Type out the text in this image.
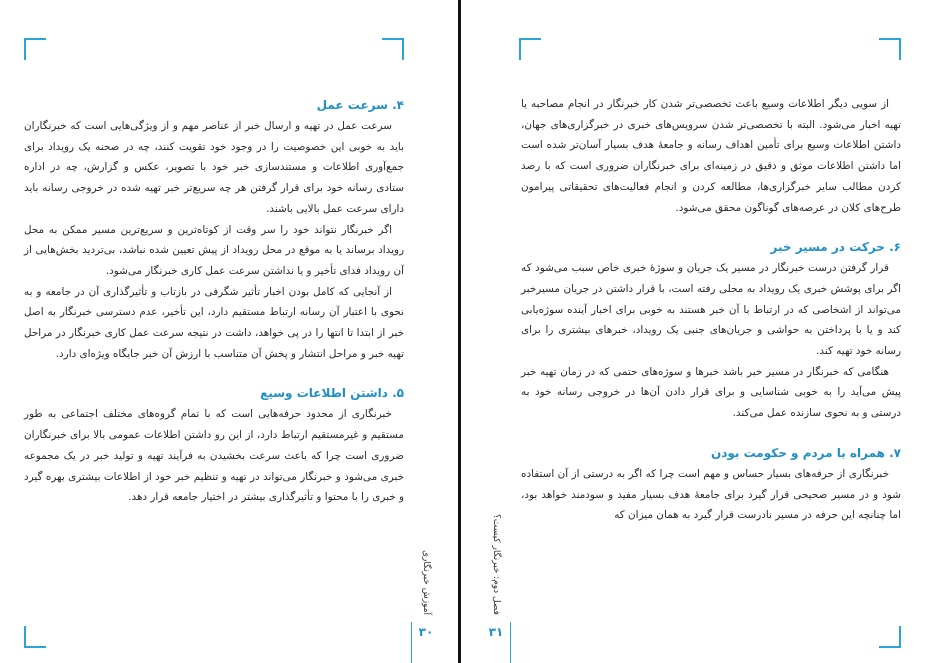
۴. سرعت عمل

سرعت عمل در تهیه و ارسال خبر از عناصر مهم و از ویژگی‌هایی است که خبرنگاران باید به خوبی این خصوصیت را در وجود خود تقویت کنند، چه در صحنه یک رویداد برای جمع‌آوری اطلاعات و مستندسازی خبر خود با تصویر، عکس و گزارش، چه در اداره ستادی رسانه خود برای قرار گرفتن هر چه سریع‌تر خبر تهیه شده در خروجی رسانه باید دارای سرعت عمل بالایی باشند.

اگر خبرنگار نتواند خود را سر وقت از کوتاه‌ترین و سریع‌ترین مسیر ممکن به محل رویداد برساند یا به موقع در محل رویداد از پیش تعیین شده نباشد، بی‌تردید بخش‌هایی از آن رویداد فدای تأخیر و یا نداشتن سرعت عمل کاری خبرنگار می‌شود.

از آنجایی که کامل بودن اخبار تأثیر شگرفی در بازتاب و تأثیرگذاری آن در جامعه و به نحوی با اعتبار آن رسانه ارتباط مستقیم دارد، این تأخیر، عدم دسترسی خبرنگار به اصل خبر از ابتدا تا انتها را در پی خواهد، داشت در نتیجه سرعت عمل کاری خبرنگار در مراحل تهیه خبر و مراحل انتشار و پخش آن متناسب با ارزش آن خبر جایگاه ویژه‌ای دارد.

۵. داشتن اطلاعات وسیع

خبرنگاری از محدود حرفه‌هایی است که با تمام گروه‌های مختلف اجتماعی به طور مستقیم و غیرمستقیم ارتباط دارد، از این رو داشتن اطلاعات عمومی بالا برای خبرنگاران ضروری است چرا که باعث سرعت بخشیدن به فرآیند تهیه و تولید خبر در یک مجموعه خبری می‌شود و خبرنگار می‌تواند در تهیه و تنظیم خبر خود از اطلاعات بیشتری بهره گیرد و خبری را با محتوا و تأثیرگذاری بیشتر در اختیار جامعه قرار دهد.

آموزش خبرنگاری
۳۰
فصل دوم: خبرنگار کیست؟
۳۱

از سویی دیگر اطلاعات وسیع باعث تخصصی‌تر شدن کار خبرنگار در انجام مصاحبه یا تهیه اخبار می‌شود. البته با تخصصی‌تر شدن سرویس‌های خبری در خبرگزاری‌های جهان، داشتن اطلاعات وسیع برای تأمین اهداف رسانه و جامعهٔ هدف بسیار آسان‌تر شده است اما داشتن اطلاعات موثق و دقیق در زمینه‌ای برای خبرنگاران ضروری است که با رصد کردن مطالب سایر خبرگزاری‌ها، مطالعه کردن و انجام فعالیت‌های تحقیقاتی پیرامون طرح‌های کلان در عرصه‌های گوناگون محقق می‌شود.

۶. حرکت در مسیر خبر

قرار گرفتن درست خبرنگار در مسیر یک جریان و سوژهٔ خبری خاص سبب می‌شود که اگر برای پوشش خبری یک رویداد به محلی رفته است، با قرار داشتن در جریان مسیرخبر می‌تواند از اشخاصی که در ارتباط با آن خبر هستند به خوبی برای اخبار آینده سوژه‌یابی کند و یا با پرداختن به حواشی و جریان‌های جنبی یک رویداد، خبرهای بیشتری را برای رسانه خود تهیه کند.

هنگامی که خبرنگار در مسیر خبر باشد خبرها و سوژه‌های حتمی که در زمان تهیه خبر پیش می‌آید را به خوبی شناسایی و برای قرار دادن آن‌ها در خروجی رسانه خود به درستی و به نحوی سازنده عمل می‌کند.

۷. همراه با مردم و حکومت بودن

خبرنگاری از حرفه‌های بسیار حساس و مهم است چرا که اگر به درستی از آن استفاده شود و در مسیر صحیحی قرار گیرد برای جامعهٔ هدف بسیار مفید و سودمند خواهد بود، اما چنانچه این حرفه در مسیر نادرست قرار گیرد به همان میزان که
